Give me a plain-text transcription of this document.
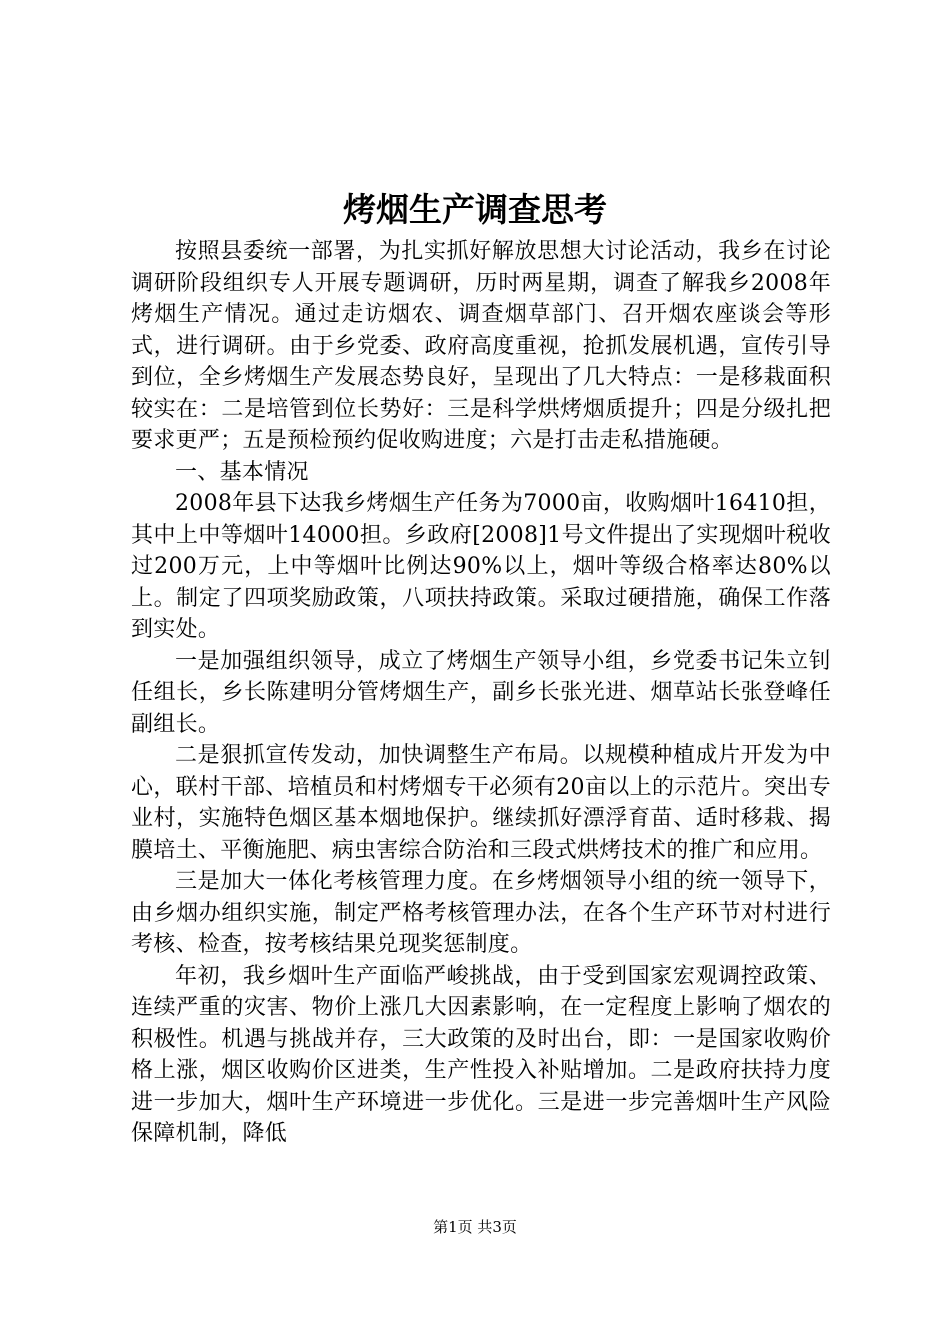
烤烟生产调查思考

按照县委统一部署，为扎实抓好解放思想大讨论活动，我乡在讨论调研阶段组织专人开展专题调研，历时两星期，调查了解我乡2008年烤烟生产情况。通过走访烟农、调查烟草部门、召开烟农座谈会等形式，进行调研。由于乡党委、政府高度重视，抢抓发展机遇，宣传引导到位，全乡烤烟生产发展态势良好，呈现出了几大特点：一是移栽面积较实在：二是培管到位长势好：三是科学烘烤烟质提升；四是分级扎把要求更严；五是预检预约促收购进度；六是打击走私措施硬。

一、基本情况

2008年县下达我乡烤烟生产任务为7000亩，收购烟叶16410担，其中上中等烟叶14000担。乡政府[2008]1号文件提出了实现烟叶税收过200万元，上中等烟叶比例达90%以上，烟叶等级合格率达80%以上。制定了四项奖励政策，八项扶持政策。采取过硬措施，确保工作落到实处。

一是加强组织领导，成立了烤烟生产领导小组，乡党委书记朱立钊任组长，乡长陈建明分管烤烟生产，副乡长张光进、烟草站长张登峰任副组长。

二是狠抓宣传发动，加快调整生产布局。以规模种植成片开发为中心，联村干部、培植员和村烤烟专干必须有20亩以上的示范片。突出专业村，实施特色烟区基本烟地保护。继续抓好漂浮育苗、适时移栽、揭膜培土、平衡施肥、病虫害综合防治和三段式烘烤技术的推广和应用。

三是加大一体化考核管理力度。在乡烤烟领导小组的统一领导下，由乡烟办组织实施，制定严格考核管理办法，在各个生产环节对村进行考核、检查，按考核结果兑现奖惩制度。

年初，我乡烟叶生产面临严峻挑战，由于受到国家宏观调控政策、连续严重的灾害、物价上涨几大因素影响，在一定程度上影响了烟农的积极性。机遇与挑战并存，三大政策的及时出台，即：一是国家收购价格上涨，烟区收购价区进类，生产性投入补贴增加。二是政府扶持力度进一步加大，烟叶生产环境进一步优化。三是进一步完善烟叶生产风险保障机制，降低

第1页 共3页
